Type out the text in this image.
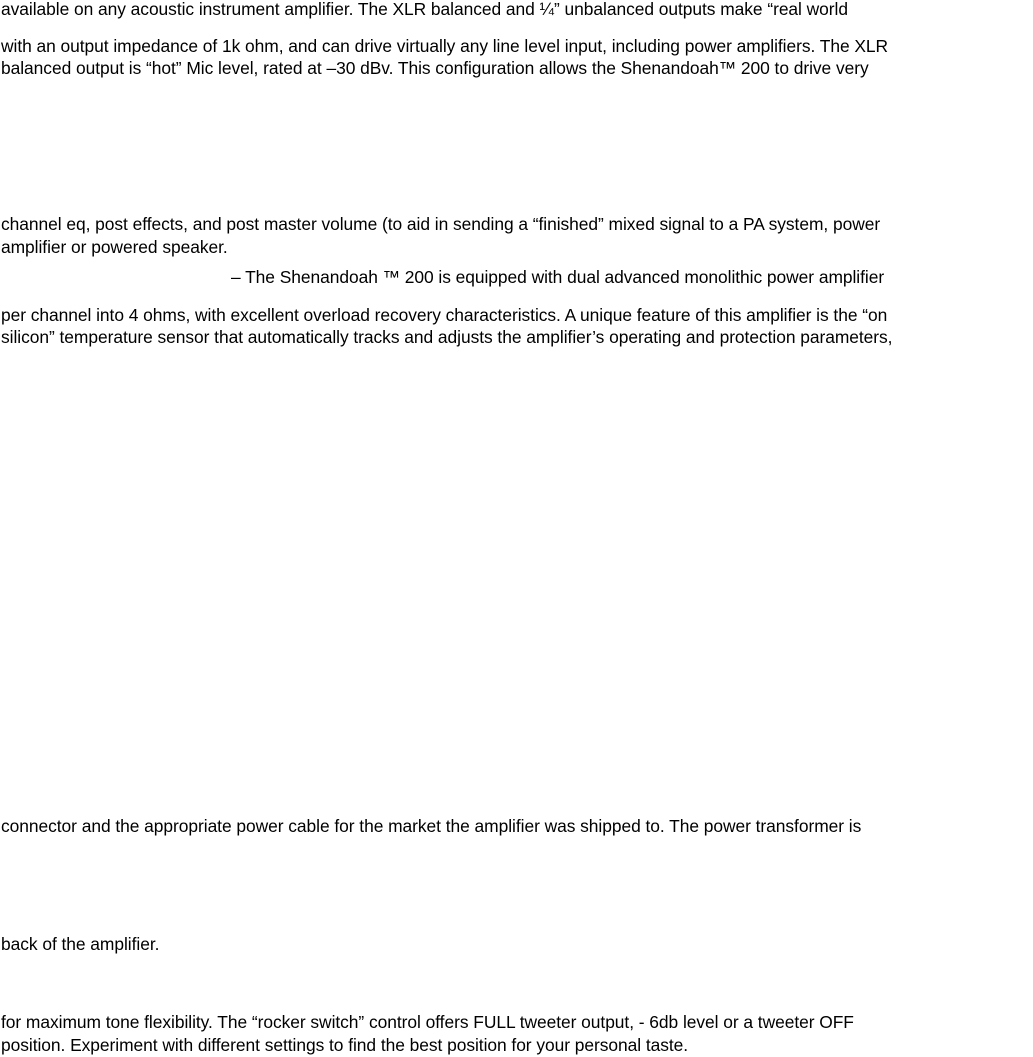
available on any acoustic instrument amplifier. The XLR balanced and ¼” unbalanced outputs make “real world
with an output impedance of 1k ohm, and can drive virtually any line level input, including power amplifiers. The XLR
balanced output is “hot” Mic level, rated at –30 dBv. This configuration allows the Shenandoah™ 200 to drive very
channel eq, post effects, and post master volume (to aid in sending a “finished” mixed signal to a PA system, power
amplifier or powered speaker.
– The Shenandoah ™ 200 is equipped with dual advanced monolithic power amplifier
per channel into 4 ohms, with excellent overload recovery characteristics. A unique feature of this amplifier is the “on
silicon” temperature sensor that automatically tracks and adjusts the amplifier’s operating and protection parameters,
connector and the appropriate power cable for the market the amplifier was shipped to. The power transformer is
back of the amplifier.
for maximum tone flexibility. The “rocker switch” control offers FULL tweeter output, - 6db level or a tweeter OFF
position. Experiment with different settings to find the best position for your personal taste.
